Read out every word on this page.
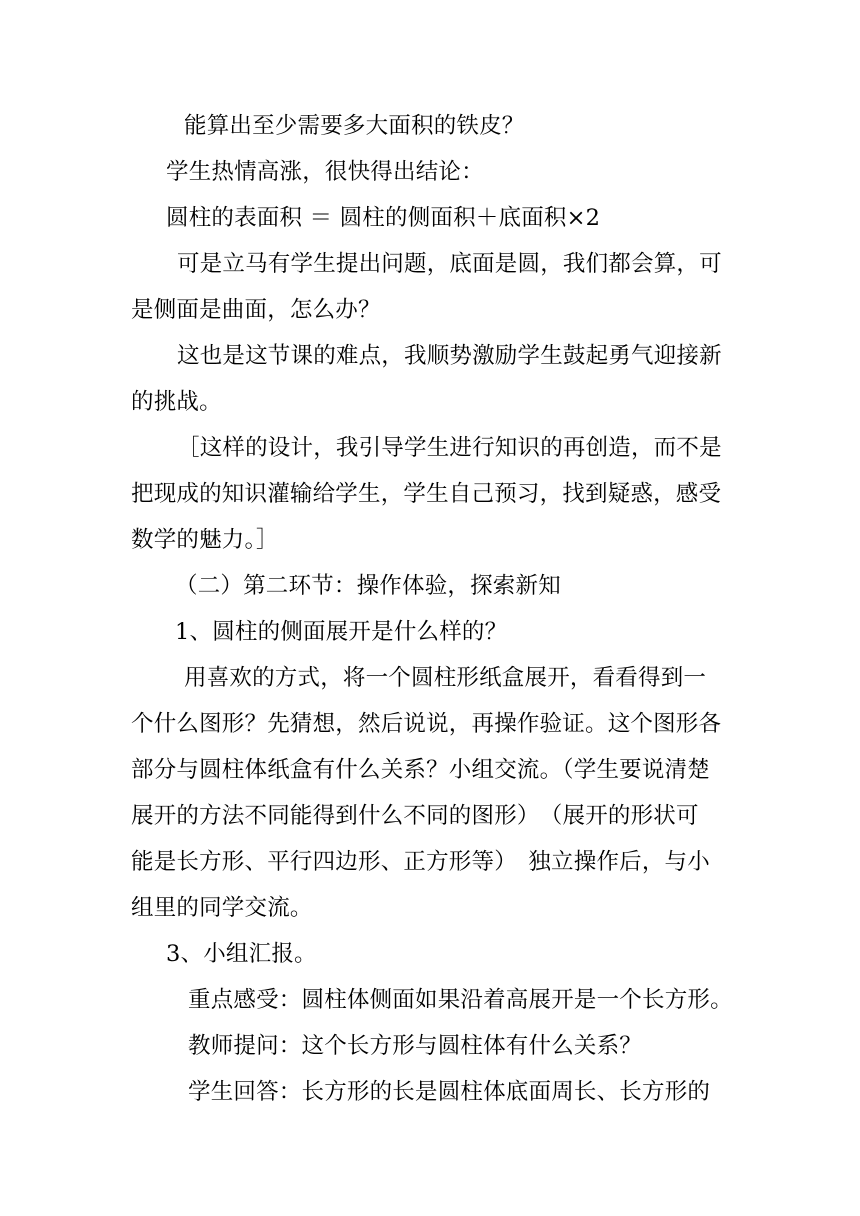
能算出至少需要多大面积的铁皮？
学生热情高涨，很快得出结论：
圆柱的表面积 ＝ 圆柱的侧面积＋底面积×2
可是立马有学生提出问题，底面是圆，我们都会算，可
是侧面是曲面，怎么办？
这也是这节课的难点，我顺势激励学生鼓起勇气迎接新
的挑战。
［这样的设计，我引导学生进行知识的再创造，而不是
把现成的知识灌输给学生，学生自己预习，找到疑惑，感受
数学的魅力。］
（二）第二环节：操作体验，探索新知
1、圆柱的侧面展开是什么样的？
用喜欢的方式，将一个圆柱形纸盒展开，看看得到一
个什么图形？先猜想，然后说说，再操作验证。这个图形各
部分与圆柱体纸盒有什么关系？小组交流。（学生要说清楚
展开的方法不同能得到什么不同的图形）　（展开的形状可
能是长方形、平行四边形、正方形等）　独立操作后，与小
组里的同学交流。
3、小组汇报。
重点感受：圆柱体侧面如果沿着高展开是一个长方形。
教师提问：这个长方形与圆柱体有什么关系？
学生回答：长方形的长是圆柱体底面周长、长方形的
